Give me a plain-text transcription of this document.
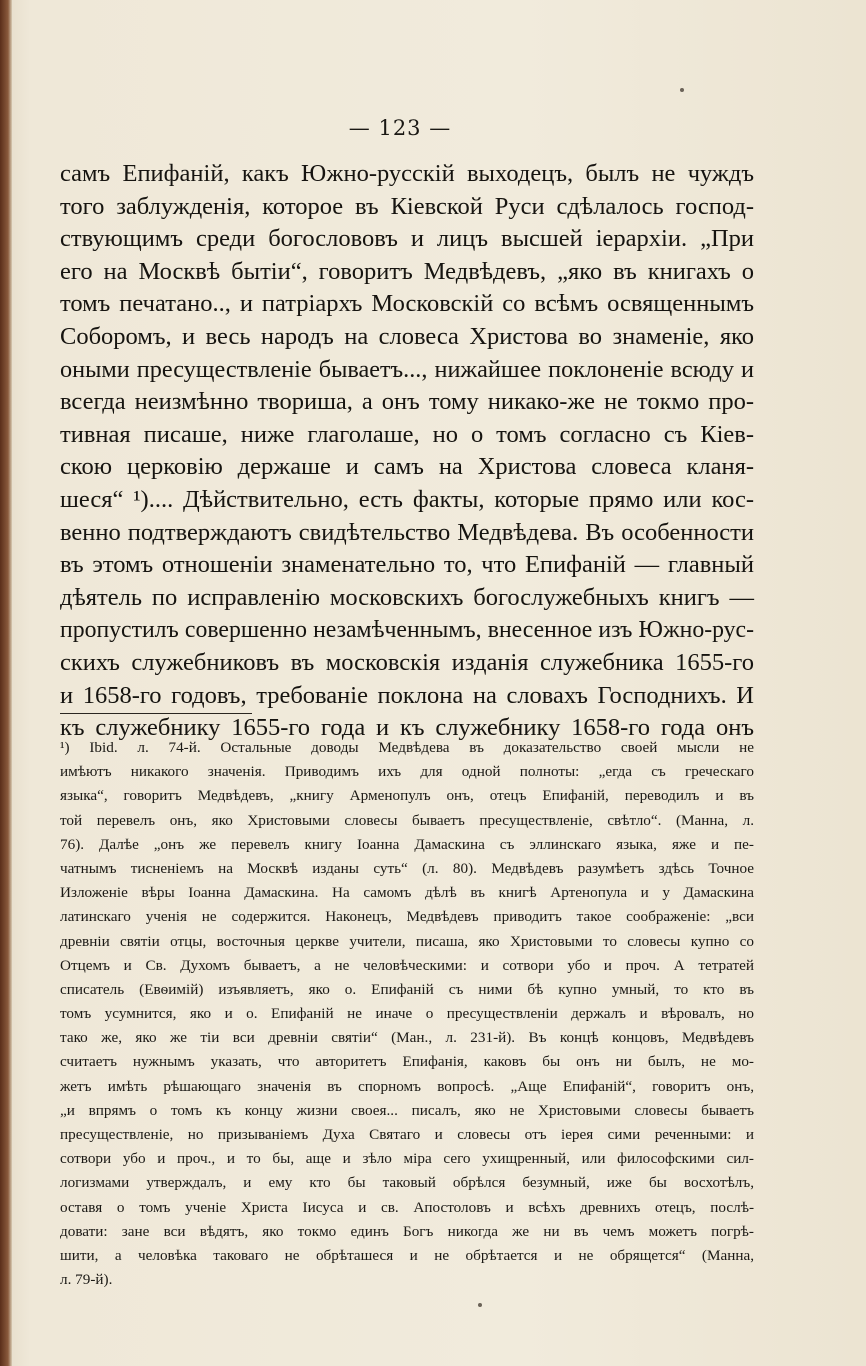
— 123 —
самъ Епифаній, какъ Южно-русскій выходецъ, былъ не чуждъ
того заблужденія, которое въ Кіевской Руси сдѣлалось господ-
ствующимъ среди богослововъ и лицъ высшей іерархіи. „При
его на Москвѣ бытіи“, говоритъ Медвѣдевъ, „яко въ книгахъ о
томъ печатано.., и патріархъ Московскій со всѣмъ освященнымъ
Соборомъ, и весь народъ на словеса Христова во знаменіе, яко
оными пресуществленіе бываетъ..., нижайшее поклоненіе всюду и
всегда неизмѣнно твориша, а онъ тому никако-же не токмо про-
тивная писаше, ниже глаголаше, но о томъ согласно съ Кіев-
скою церковію держаше и самъ на Христова словеса кланя-
шеся“ ¹).... Дѣйствительно, есть факты, которые прямо или кос-
венно подтверждаютъ свидѣтельство Медвѣдева. Въ особенности
въ этомъ отношеніи знаменательно то, что Епифаній — главный
дѣятель по исправленію московскихъ богослужебныхъ книгъ —
пропустилъ совершенно незамѣченнымъ, внесенное изъ Южно-рус-
скихъ служебниковъ въ московскія изданія служебника 1655-го
и 1658-го годовъ, требованіе поклона на словахъ Господнихъ. И
къ служебнику 1655-го года и къ служебнику 1658-го года онъ
¹) Ibid. л. 74-й. Остальные доводы Медвѣдева въ доказательство своей мысли не
имѣютъ никакого значенія. Приводимъ ихъ для одной полноты: „егда съ греческаго
языка“, говоритъ Медвѣдевъ, „книгу Арменопулъ онъ, отецъ Епифаній, переводилъ и въ
той перевелъ онъ, яко Христовыми словесы бываетъ пресуществленіе, свѣтло“. (Манна, л.
76). Далѣе „онъ же перевелъ книгу Іоанна Дамаскина съ эллинскаго языка, яже и пе-
чатнымъ тисненіемъ на Москвѣ изданы суть“ (л. 80). Медвѣдевъ разумѣетъ здѣсь Точное
Изложеніе вѣры Іоанна Дамаскина. На самомъ дѣлѣ въ книгѣ Артенопула и у Дамаскина
латинскаго ученія не содержится. Наконецъ, Медвѣдевъ приводитъ такое соображеніе: „вси
древніи святіи отцы, восточныя церкве учители, писаша, яко Христовыми то словесы купно со
Отцемъ и Св. Духомъ бываетъ, а не человѣческими: и сотвори убо и проч. А тетратей
списатель (Евѳимій) изъявляетъ, яко о. Епифаній съ ними бѣ купно умный, то кто въ
томъ усумнится, яко и о. Епифаній не иначе о пресуществленіи держалъ и вѣровалъ, но
тако же, яко же тіи вси древніи святіи“ (Ман., л. 231-й). Въ концѣ концовъ, Медвѣдевъ
считаетъ нужнымъ указать, что авторитетъ Епифанія, каковъ бы онъ ни былъ, не мо-
жетъ имѣть рѣшающаго значенія въ спорномъ вопросѣ. „Аще Епифаній“, говоритъ онъ,
„и впрямъ о томъ къ концу жизни своея... писалъ, яко не Христовыми словесы бываетъ
пресуществленіе, но призываніемъ Духа Святаго и словесы отъ іерея сими реченными: и
сотвори убо и проч., и то бы, аще и зѣло міра сего ухищренный, или философскими сил-
логизмами утверждалъ, и ему кто бы таковый обрѣлся безумный, иже бы восхотѣлъ,
оставя о томъ ученіе Христа Іисуса и св. Апостоловъ и всѣхъ древнихъ отецъ, послѣ-
довати: зане вси вѣдятъ, яко токмо единъ Богъ никогда же ни въ чемъ можетъ погрѣ-
шити, а человѣка таковаго не обрѣташеся и не обрѣтается и не обрящется“ (Манна,
л. 79-й).
